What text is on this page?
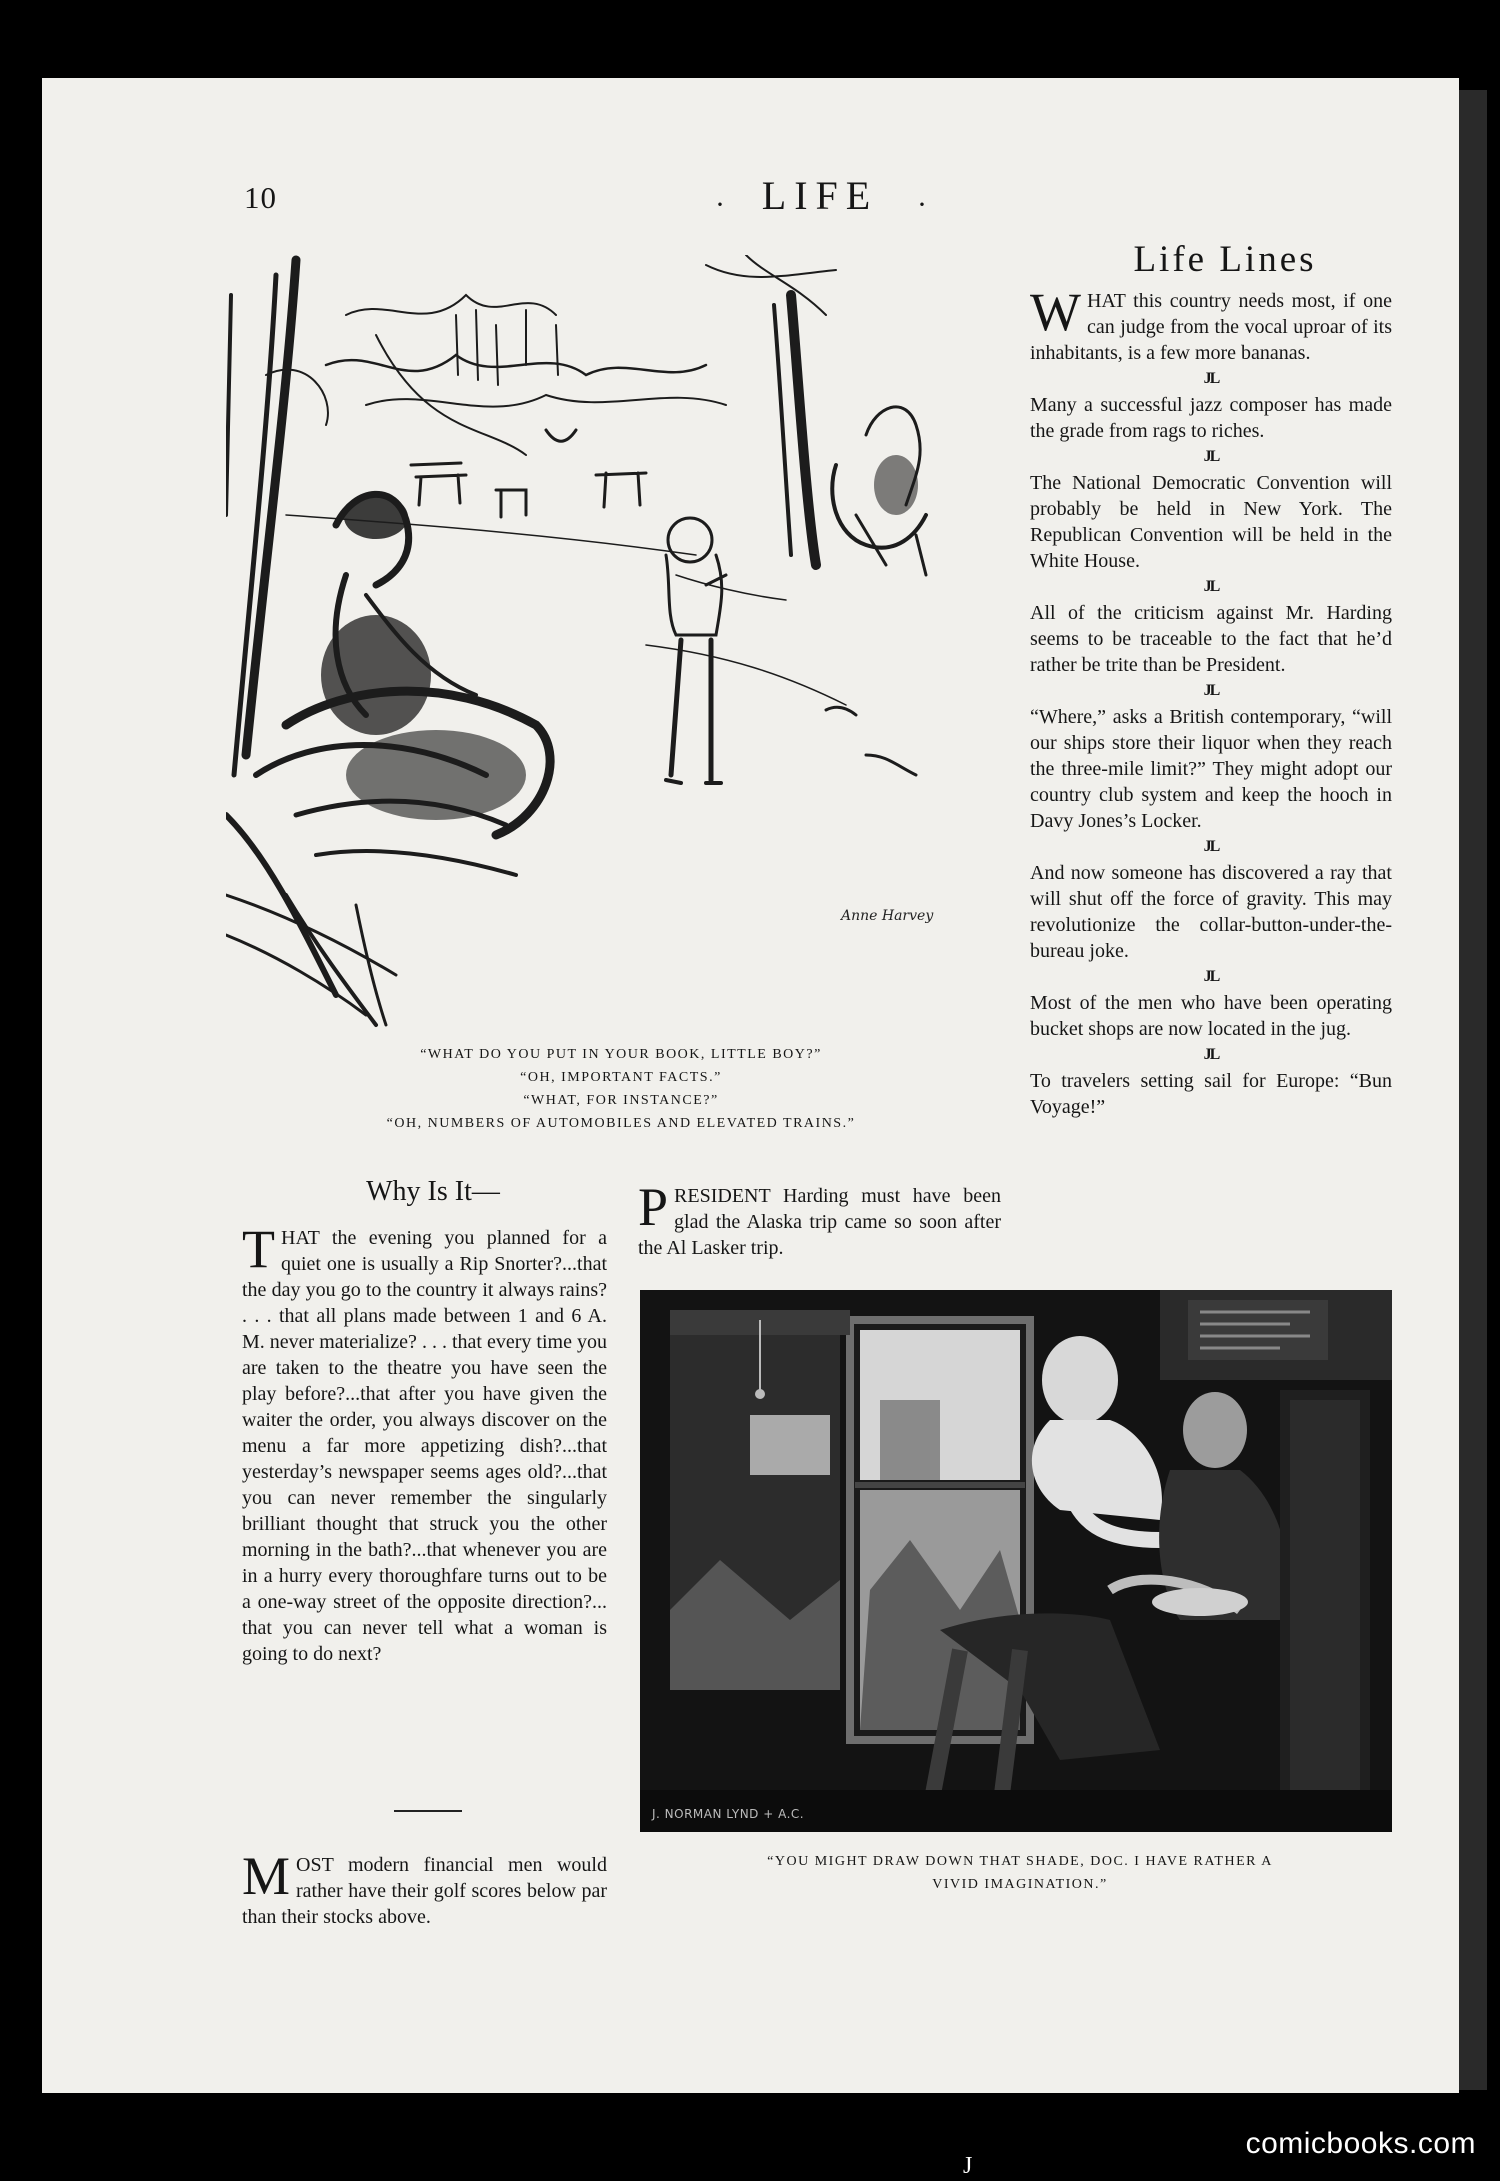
10	· LIFE	·
Anne Harvey
“WHAT DO YOU PUT IN YOUR BOOK, LITTLE BOY?”
“OH, IMPORTANT FACTS.”
“WHAT, FOR INSTANCE?”
“OH, NUMBERS OF AUTOMOBILES AND ELEVATED TRAINS.”
Life Lines

WHAT this country needs most, if one can judge from the vocal uproar of its inhabitants, is a few more bananas.

JL

Many a successful jazz composer has made the grade from rags to riches.

JL

The National Democratic Convention will probably be held in New York. The Republican Convention will be held in the White House.

JL

All of the criticism against Mr. Harding seems to be traceable to the fact that he’d rather be trite than be President.

JL

“Where,” asks a British contemporary, “will our ships store their liquor when they reach the three-mile limit?” They might adopt our country club system and keep the hooch in Davy Jones’s Locker.

JL

And now someone has discovered a ray that will shut off the force of gravity. This may revolutionize the collar-button-under-the-bureau joke.

JL

Most of the men who have been operating bucket shops are now located in the jug.

JL

To travelers setting sail for Europe: “Bun Voyage!”

Why Is It—
THAT the evening you planned for a quiet one is usually a Rip Snorter?...that the day you go to the country it always rains? . . . that all plans made between 1 and 6 A. M. never materialize? . . . that every time you are taken to the theatre you have seen the play before?...that after you have given the waiter the order, you always discover on the menu a far more appetizing dish?...that yesterday’s newspaper seems ages old?...that you can never remember the singularly brilliant thought that struck you the other morning in the bath?...that whenever you are in a hurry every thoroughfare turns out to be a one-way street of the opposite direction?... that you can never tell what a woman is going to do next?
MOST modern financial men would rather have their golf scores below par than their stocks above.
PRESIDENT Harding must have been glad the Alaska trip came so soon after the Al Lasker trip.
J. NORMAN LYND + A.C.
“YOU MIGHT DRAW DOWN THAT SHADE, DOC. I HAVE RATHER A
VIVID IMAGINATION.”
J
comicbooks.com
